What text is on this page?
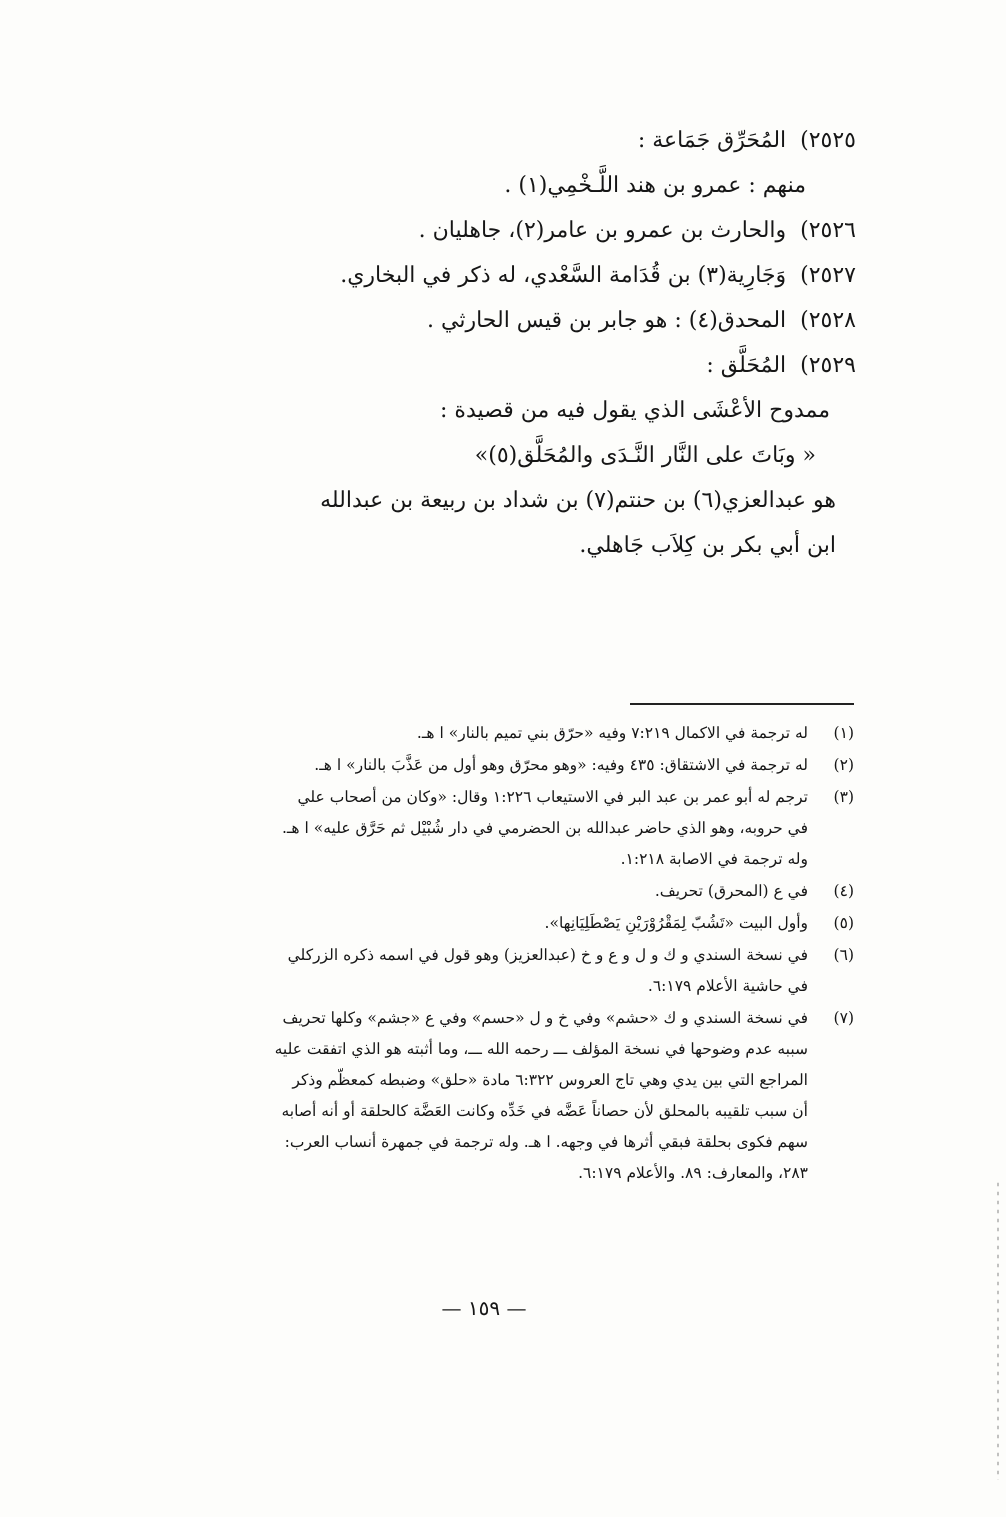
٢٥٢٥)المُحَرِّق جَمَاعة :
منهم : عمرو بن هند اللَّـخْمِي(١) .
٢٥٢٦)والحارث بن عمرو بن عامر(٢)، جاهليان .
٢٥٢٧)وَجَارِية(٣) بن قُدَامة السَّعْدي، له ذكر في البخاري.
٢٥٢٨)المحدق(٤) : هو جابر بن قيس الحارثي .
٢٥٢٩)المُحَلَّق :
ممدوح الأعْشَى الذي يقول فيه من قصيدة :
« وبَاتَ على النَّار النَّـدَى والمُحَلَّق(٥)»
هو عبدالعزي(٦) بن حنتم(٧) بن شداد بن ربيعة بن عبدالله
ابن أبي بكر بن كِلاَب جَاهلي.
(١)
له ترجمة في الاكمال ٧:٢١٩ وفيه «حرّق بني تميم بالنار» ا هـ.
(٢)
له ترجمة في الاشتقاق: ٤٣٥ وفيه: «وهو محرّق وهو أول من عَذَّبَ بالنار» ا هـ.
(٣)
ترجم له أبو عمر بن عبد البر في الاستيعاب ١:٢٢٦ وقال: «وكان من أصحاب علي
في حروبه، وهو الذي حاضر عبدالله بن الحضرمي في دار شُبْيْل ثم حَرَّق عليه» ا هـ.
وله ترجمة في الاصابة ١:٢١٨.
(٤)
في ع (المحرق) تحريف.
(٥)
وأول البيت «تَشُبّ لِمَقْرُوْرَيْنِ يَصْطَلِيَانِها».
(٦)
في نسخة السندي و ك و ل و ع و خ (عبدالعزيز) وهو قول في اسمه ذكره الزركلي
في حاشية الأعلام ٦:١٧٩.
(٧)
في نسخة السندي و ك «حشم» وفي خ و ل «حسم» وفي ع «جشم» وكلها تحريف
سببه عدم وضوحها في نسخة المؤلف ـــ رحمه الله ـــ، وما أثبته هو الذي اتفقت عليه
المراجع التي بين يدي وهي تاج العروس ٦:٣٢٢ مادة «حلق» وضبطه كمعظّم وذكر
أن سبب تلقيبه بالمحلق لأن حصاناً عَضَّه في خَدِّه وكانت العَضَّة كالحلقة أو أنه أصابه
سهم فكوى بحلقة فبقي أثرها في وجهه. ا هـ. وله ترجمة في جمهرة أنساب العرب:
٢٨٣، والمعارف: ٨٩. والأعلام ٦:١٧٩.
— ١٥٩ —
